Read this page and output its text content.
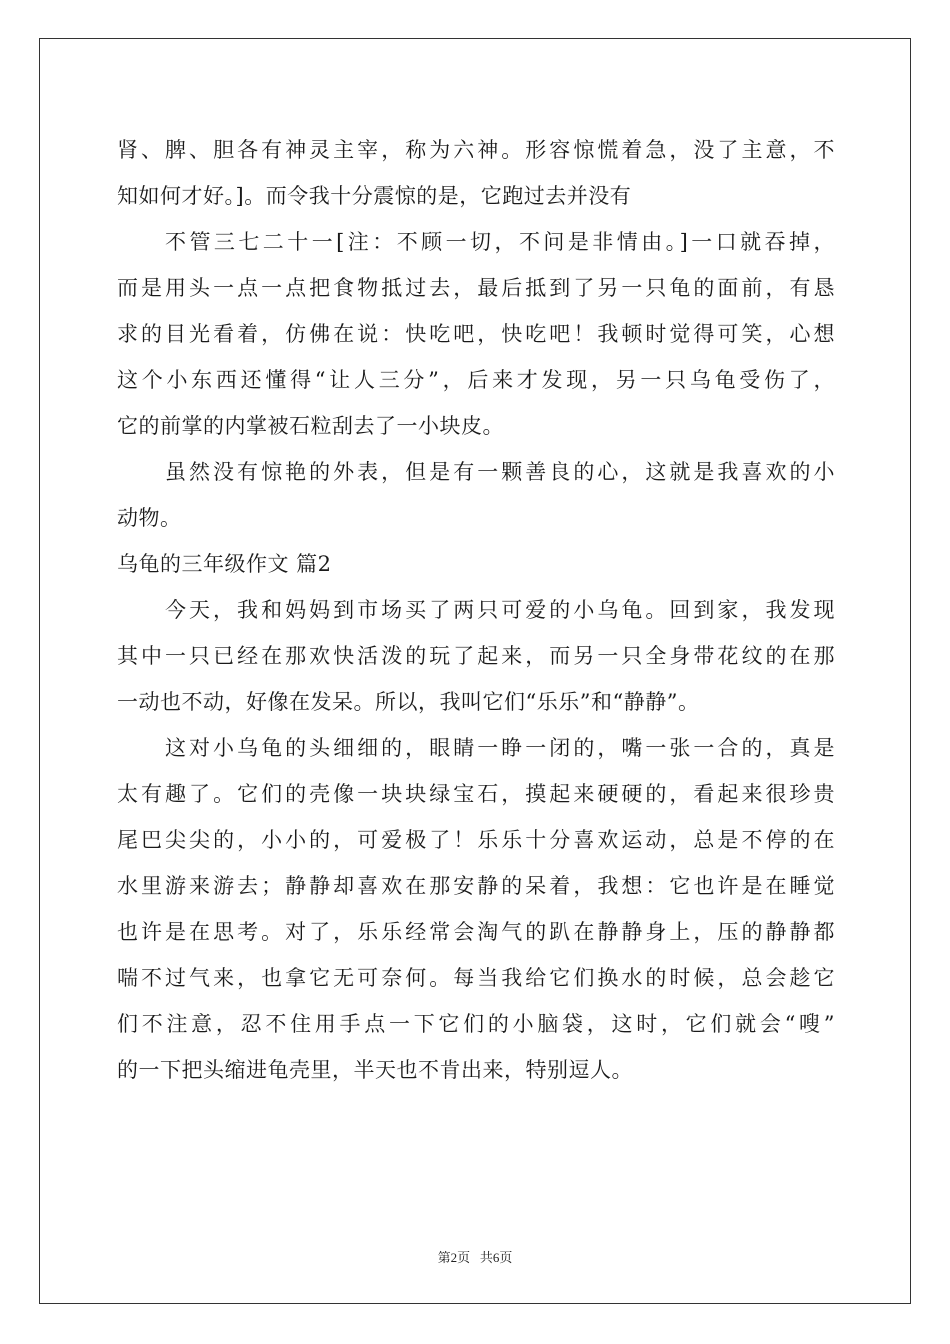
肾、脾、胆各有神灵主宰，称为六神。形容惊慌着急，没了主意，不
知如何才好。]。而令我十分震惊的是，它跑过去并没有
不管三七二十一[注：不顾一切，不问是非情由。]一口就吞掉，
而是用头一点一点把食物抵过去，最后抵到了另一只龟的面前，有恳
求的目光看着，仿佛在说：快吃吧，快吃吧！我顿时觉得可笑，心想
这个小东西还懂得“让人三分”，后来才发现，另一只乌龟受伤了，
它的前掌的内掌被石粒刮去了一小块皮。
虽然没有惊艳的外表，但是有一颗善良的心，这就是我喜欢的小
动物。
乌龟的三年级作文 篇2
今天，我和妈妈到市场买了两只可爱的小乌龟。回到家，我发现
其中一只已经在那欢快活泼的玩了起来，而另一只全身带花纹的在那
一动也不动，好像在发呆。所以，我叫它们“乐乐”和“静静”。
这对小乌龟的头细细的，眼睛一睁一闭的，嘴一张一合的，真是
太有趣了。它们的壳像一块块绿宝石，摸起来硬硬的，看起来很珍贵
尾巴尖尖的，小小的，可爱极了！乐乐十分喜欢运动，总是不停的在
水里游来游去；静静却喜欢在那安静的呆着，我想：它也许是在睡觉
也许是在思考。对了，乐乐经常会淘气的趴在静静身上，压的静静都
喘不过气来，也拿它无可奈何。每当我给它们换水的时候，总会趁它
们不注意，忍不住用手点一下它们的小脑袋，这时，它们就会“嗖”
的一下把头缩进龟壳里，半天也不肯出来，特别逗人。
第2页 共6页
